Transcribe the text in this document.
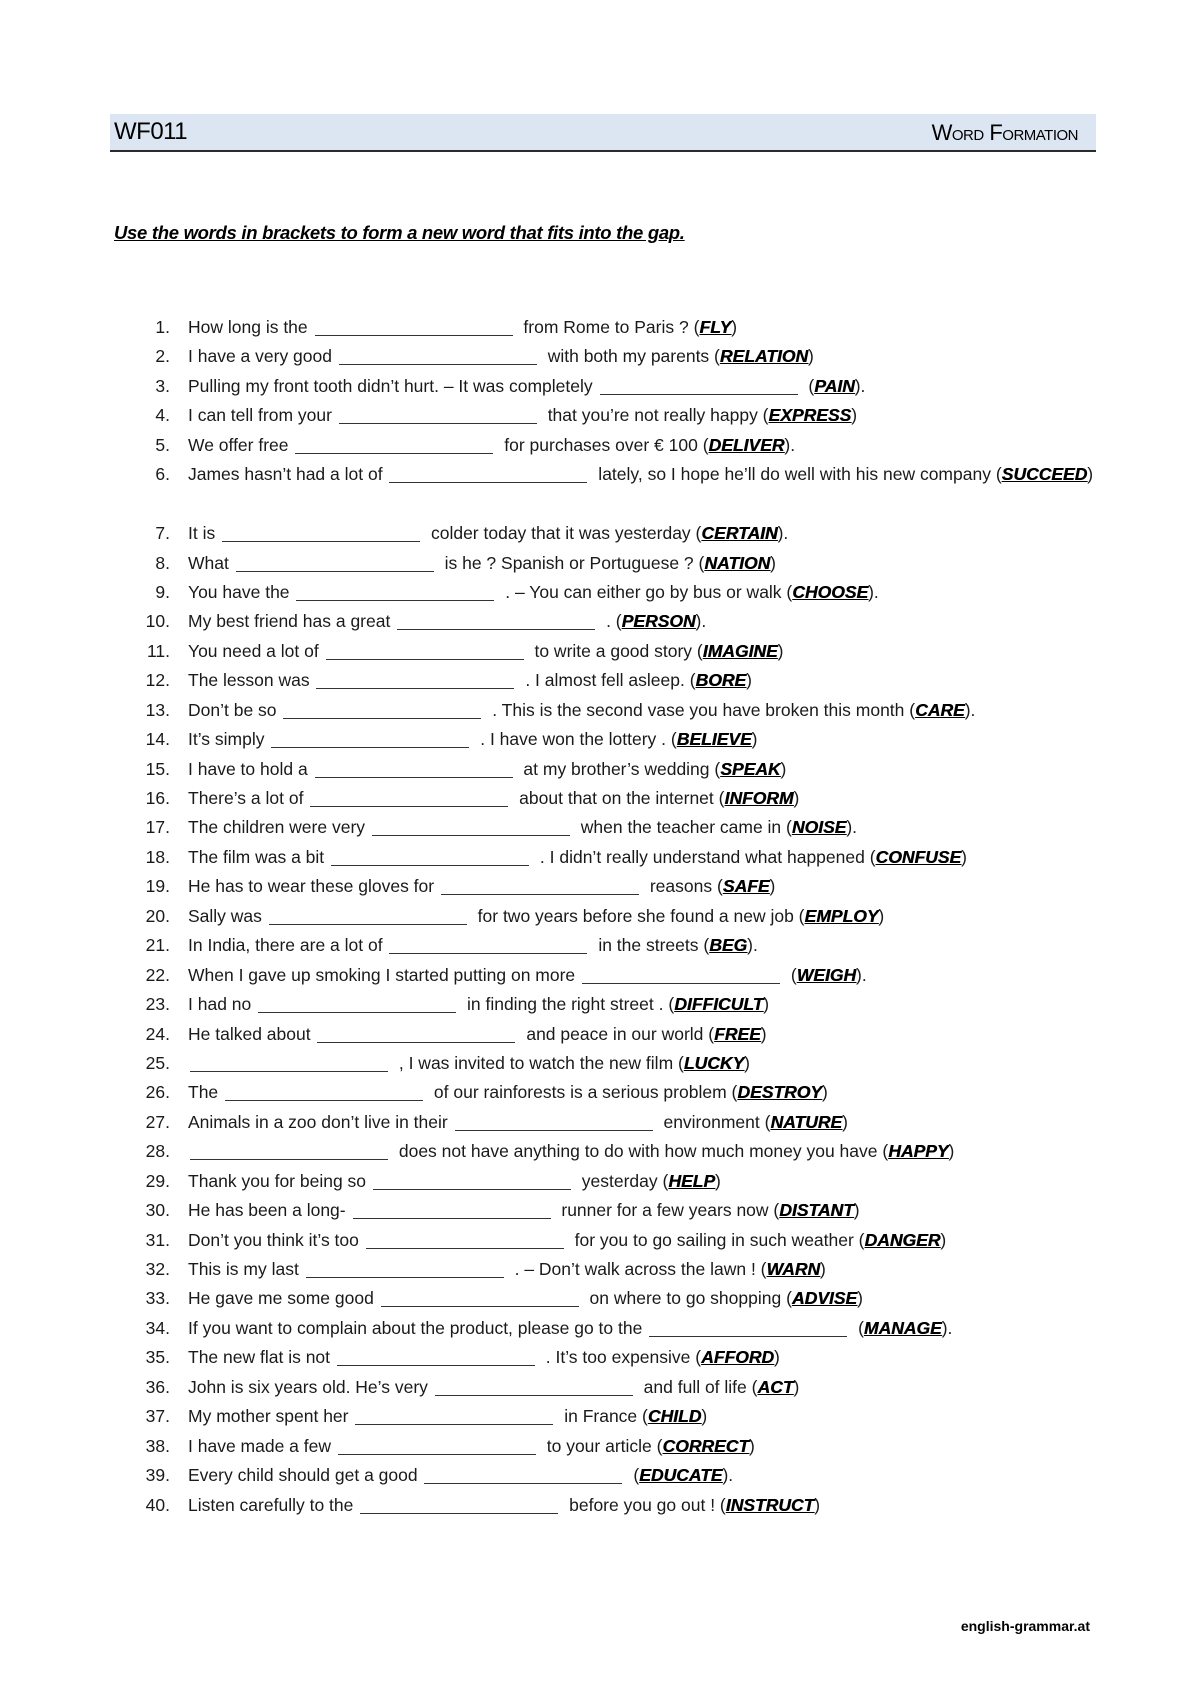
WF011	Word Formation
Use the words in brackets to form a new word that fits into the gap.
1. How long is the	from Rome to Paris ? (FLY)
2. I have a very good	with both my parents (RELATION)
3. Pulling my front tooth didn’t hurt. – It was completely	(PAIN).
4. I can tell from your	that you’re not really happy (EXPRESS)
5. We offer free	for purchases over € 100 (DELIVER).
6. James hasn’t had a lot of	lately, so I hope he’ll do well with his new company (SUCCEED)
7. It is	colder today that it was yesterday (CERTAIN).
8. What	is he ? Spanish or Portuguese ? (NATION)
9. You have the	. – You can either go by bus or walk (CHOOSE).
10. My best friend has a great	. (PERSON).
11. You need a lot of	to write a good story (IMAGINE)
12. The lesson was	. I almost fell asleep. (BORE)
13. Don’t be so	. This is the second vase you have broken this month (CARE).
14. It’s simply	. I have won the lottery . (BELIEVE)
15. I have to hold a	at my brother’s wedding (SPEAK)
16. There’s a lot of	about that on the internet (INFORM)
17. The children were very	when the teacher came in (NOISE).
18. The film was a bit	. I didn’t really understand what happened (CONFUSE)
19. He has to wear these gloves for	reasons (SAFE)
20. Sally was	for two years before she found a new job (EMPLOY)
21. In India, there are a lot of	in the streets (BEG).
22. When I gave up smoking I started putting on more	(WEIGH).
23. I had no	in finding the right street . (DIFFICULT)
24. He talked about	and peace in our world (FREE)
25.	, I was invited to watch the new film (LUCKY)
26. The	of our rainforests is a serious problem (DESTROY)
27. Animals in a zoo don’t live in their	environment (NATURE)
28.	does not have anything to do with how much money you have (HAPPY)
29. Thank you for being so	yesterday (HELP)
30. He has been a long-	runner for a few years now (DISTANT)
31. Don’t you think it’s too	for you to go sailing in such weather (DANGER)
32. This is my last	. – Don’t walk across the lawn ! (WARN)
33. He gave me some good	on where to go shopping (ADVISE)
34. If you want to complain about the product, please go to the	(MANAGE).
35. The new flat is not	. It’s too expensive (AFFORD)
36. John is six years old. He’s very	and full of life (ACT)
37. My mother spent her	in France (CHILD)
38. I have made a few	to your article (CORRECT)
39. Every child should get a good	(EDUCATE).
40. Listen carefully to the	before you go out ! (INSTRUCT)
english-grammar.at
